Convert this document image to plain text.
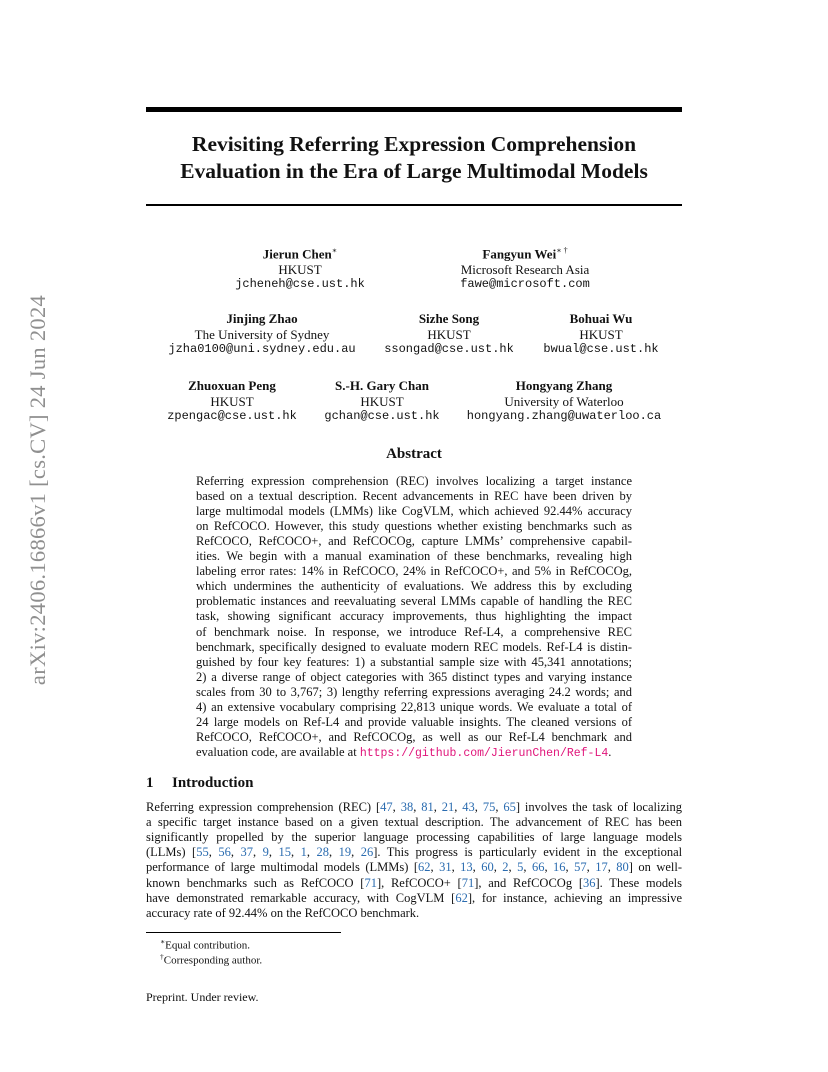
arXiv:2406.16866v1 [cs.CV] 24 Jun 2024
Revisiting Referring Expression Comprehension
Evaluation in the Era of Large Multimodal Models
Jierun Chen∗
HKUST
jcheneh@cse.ust.hk
Fangyun Wei∗ †
Microsoft Research Asia
fawe@microsoft.com
Jinjing Zhao
The University of Sydney
jzha0100@uni.sydney.edu.au
Sizhe Song
HKUST
ssongad@cse.ust.hk
Bohuai Wu
HKUST
bwual@cse.ust.hk
Zhuoxuan Peng
HKUST
zpengac@cse.ust.hk
S.-H. Gary Chan
HKUST
gchan@cse.ust.hk
Hongyang Zhang
University of Waterloo
hongyang.zhang@uwaterloo.ca
Abstract
Referring expression comprehension (REC) involves localizing a target instance
based on a textual description. Recent advancements in REC have been driven by
large multimodal models (LMMs) like CogVLM, which achieved 92.44% accuracy
on RefCOCO. However, this study questions whether existing benchmarks such as
RefCOCO, RefCOCO+, and RefCOCOg, capture LMMs’ comprehensive capabil-
ities. We begin with a manual examination of these benchmarks, revealing high
labeling error rates: 14% in RefCOCO, 24% in RefCOCO+, and 5% in RefCOCOg,
which undermines the authenticity of evaluations. We address this by excluding
problematic instances and reevaluating several LMMs capable of handling the REC
task, showing significant accuracy improvements, thus highlighting the impact
of benchmark noise. In response, we introduce Ref-L4, a comprehensive REC
benchmark, specifically designed to evaluate modern REC models. Ref-L4 is distin-
guished by four key features: 1) a substantial sample size with 45,341 annotations;
2) a diverse range of object categories with 365 distinct types and varying instance
scales from 30 to 3,767; 3) lengthy referring expressions averaging 24.2 words; and
4) an extensive vocabulary comprising 22,813 unique words. We evaluate a total of
24 large models on Ref-L4 and provide valuable insights. The cleaned versions of
RefCOCO, RefCOCO+, and RefCOCOg, as well as our Ref-L4 benchmark and
evaluation code, are available at https://github.com/JierunChen/Ref-L4.
1 Introduction
Referring expression comprehension (REC) [47, 38, 81, 21, 43, 75, 65] involves the task of localizing
a specific target instance based on a given textual description. The advancement of REC has been
significantly propelled by the superior language processing capabilities of large language models
(LLMs) [55, 56, 37, 9, 15, 1, 28, 19, 26]. This progress is particularly evident in the exceptional
performance of large multimodal models (LMMs) [62, 31, 13, 60, 2, 5, 66, 16, 57, 17, 80] on well-
known benchmarks such as RefCOCO [71], RefCOCO+ [71], and RefCOCOg [36]. These models
have demonstrated remarkable accuracy, with CogVLM [62], for instance, achieving an impressive
accuracy rate of 92.44% on the RefCOCO benchmark.
∗Equal contribution.
†Corresponding author.
Preprint. Under review.
